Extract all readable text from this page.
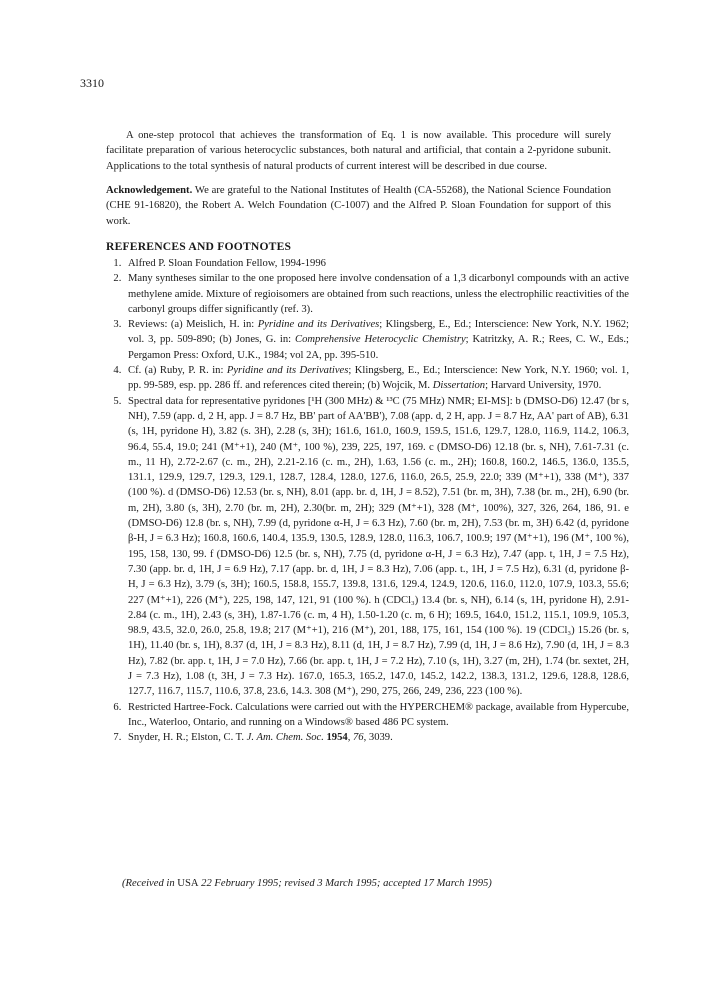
3310

A one-step protocol that achieves the transformation of Eq. 1 is now available. This procedure will surely facilitate preparation of various heterocyclic substances, both natural and artificial, that contain a 2-pyridone subunit. Applications to the total synthesis of natural products of current interest will be described in due course.

Acknowledgement. We are grateful to the National Institutes of Health (CA-55268), the National Science Foundation (CHE 91-16820), the Robert A. Welch Foundation (C-1007) and the Alfred P. Sloan Foundation for support of this work.

REFERENCES AND FOOTNOTES
1. Alfred P. Sloan Foundation Fellow, 1994-1996
2. Many syntheses similar to the one proposed here involve condensation of a 1,3 dicarbonyl compounds with an active methylene amide. Mixture of regioisomers are obtained from such reactions, unless the electrophilic reactivities of the carbonyl groups differ significantly (ref. 3).
3. Reviews: (a) Meislich, H. in: Pyridine and its Derivatives; Klingsberg, E., Ed.; Interscience: New York, N.Y. 1962; vol. 3, pp. 509-890; (b) Jones, G. in: Comprehensive Heterocyclic Chemistry; Katritzky, A. R.; Rees, C. W., Eds.; Pergamon Press: Oxford, U.K., 1984; vol 2A, pp. 395-510.
4. Cf. (a) Ruby, P. R. in: Pyridine and its Derivatives; Klingsberg, E., Ed.; Interscience: New York, N.Y. 1960; vol. 1, pp. 99-589, esp. pp. 286 ff. and references cited therein; (b) Wojcik, M. Dissertation; Harvard University, 1970.
5. Spectral data for representative pyridones [¹H (300 MHz) & ¹³C (75 MHz) NMR; EI-MS]: b (DMSO-D6) 12.47 (br s, NH), 7.59 (app. d, 2 H, app. J = 8.7 Hz, BB' part of AA'BB'), 7.08 (app. d, 2 H, app. J = 8.7 Hz, AA' part of AB), 6.31 (s, 1H, pyridone H), 3.82 (s. 3H), 2.28 (s, 3H); 161.6, 161.0, 160.9, 159.5, 151.6, 129.7, 128.0, 116.9, 114.2, 106.3, 96.4, 55.4, 19.0; 241 (M⁺+1), 240 (M⁺, 100 %), 239, 225, 197, 169. c (DMSO-D6) 12.18 (br. s, NH), 7.61-7.31 (c. m., 11 H), 2.72-2.67 (c. m., 2H), 2.21-2.16 (c. m., 2H), 1.63, 1.56 (c. m., 2H); 160.8, 160.2, 146.5, 136.0, 135.5, 131.1, 129.9, 129.7, 129.3, 129.1, 128.7, 128.4, 128.0, 127.6, 116.0, 26.5, 25.9, 22.0; 339 (M⁺+1), 338 (M⁺), 337 (100 %). d (DMSO-D6) 12.53 (br. s, NH), 8.01 (app. br. d, 1H, J = 8.52), 7.51 (br. m, 3H), 7.38 (br. m., 2H), 6.90 (br. m, 2H), 3.80 (s, 3H), 2.70 (br. m, 2H), 2.30(br. m, 2H); 329 (M⁺+1), 328 (M⁺, 100%), 327, 326, 264, 186, 91. e (DMSO-D6) 12.8 (br. s, NH), 7.99 (d, pyridone α-H, J = 6.3 Hz), 7.60 (br. m, 2H), 7.53 (br. m, 3H) 6.42 (d, pyridone β-H, J = 6.3 Hz); 160.8, 160.6, 140.4, 135.9, 130.5, 128.9, 128.0, 116.3, 106.7, 100.9; 197 (M⁺+1), 196 (M⁺, 100 %), 195, 158, 130, 99. f (DMSO-D6) 12.5 (br. s, NH), 7.75 (d, pyridone α-H, J = 6.3 Hz), 7.47 (app. t, 1H, J = 7.5 Hz), 7.30 (app. br. d, 1H, J = 6.9 Hz), 7.17 (app. br. d, 1H, J = 8.3 Hz), 7.06 (app. t., 1H, J = 7.5 Hz), 6.31 (d, pyridone β-H, J = 6.3 Hz), 3.79 (s, 3H); 160.5, 158.8, 155.7, 139.8, 131.6, 129.4, 124.9, 120.6, 116.0, 112.0, 107.9, 103.3, 55.6; 227 (M⁺+1), 226 (M⁺), 225, 198, 147, 121, 91 (100 %). h (CDCl₃) 13.4 (br. s, NH), 6.14 (s, 1H, pyridone H), 2.91-2.84 (c. m., 1H), 2.43 (s, 3H), 1.87-1.76 (c. m, 4 H), 1.50-1.20 (c. m, 6 H); 169.5, 164.0, 151.2, 115.1, 109.9, 105.3, 98.9, 43.5, 32.0, 26.0, 25.8, 19.8; 217 (M⁺+1), 216 (M⁺), 201, 188, 175, 161, 154 (100 %). 19 (CDCl₃) 15.26 (br. s, 1H), 11.40 (br. s, 1H), 8.37 (d, 1H, J = 8.3 Hz), 8.11 (d, 1H, J = 8.7 Hz), 7.99 (d, 1H, J = 8.6 Hz), 7.90 (d, 1H, J = 8.3 Hz), 7.82 (br. app. t, 1H, J = 7.0 Hz), 7.66 (br. app. t, 1H, J = 7.2 Hz), 7.10 (s, 1H), 3.27 (m, 2H), 1.74 (br. sextet, 2H, J = 7.3 Hz), 1.08 (t, 3H, J = 7.3 Hz). 167.0, 165.3, 165.2, 147.0, 145.2, 142.2, 138.3, 131.2, 129.6, 128.8, 128.6, 127.7, 116.7, 115.7, 110.6, 37.8, 23.6, 14.3. 308 (M⁺), 290, 275, 266, 249, 236, 223 (100 %).
6. Restricted Hartree-Fock. Calculations were carried out with the HYPERCHEM® package, available from Hypercube, Inc., Waterloo, Ontario, and running on a Windows® based 486 PC system.
7. Snyder, H. R.; Elston, C. T. J. Am. Chem. Soc. 1954, 76, 3039.
(Received in USA 22 February 1995; revised 3 March 1995; accepted 17 March 1995)
